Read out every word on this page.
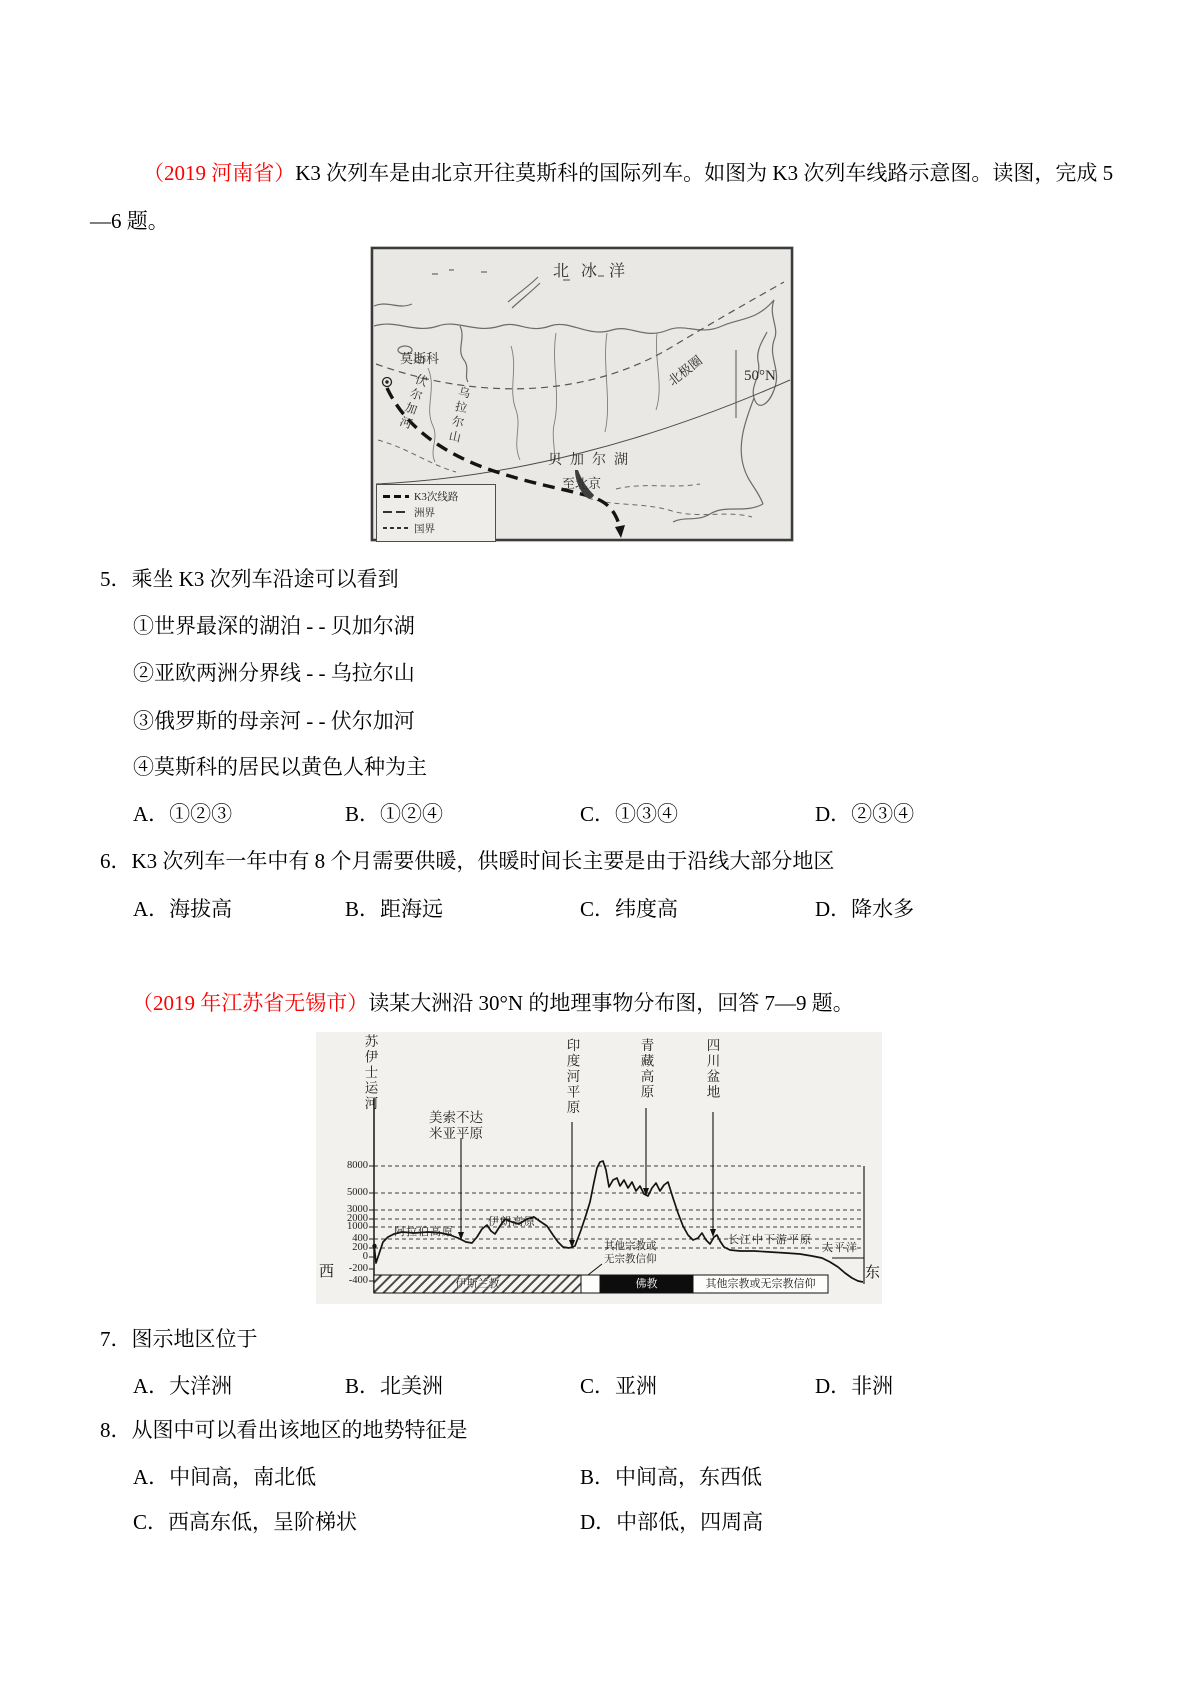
（2019 河南省）K3 次列车是由北京开往莫斯科的国际列车。如图为 K3 次列车线路示意图。读图，完成 5—6 题。

北冰洋
莫斯科
伏尔加河 乌拉尔山
北极圈
贝加尔湖
至北京
50°N
K3次线路
洲界
国界
5．乘坐 K3 次列车沿途可以看到
①世界最深的湖泊 - - 贝加尔湖
②亚欧两洲分界线 - - 乌拉尔山
③俄罗斯的母亲河 - - 伏尔加河
④莫斯科的居民以黄色人种为主
A．①②③	B．①②④	C．①③④	D．②③④
6．K3 次列车一年中有 8 个月需要供暖，供暖时间长主要是由于沿线大部分地区
A．海拔高	B．距海远	C．纬度高	D．降水多
（2019 年江苏省无锡市）读某大洲沿 30°N 的地理事物分布图，回答 7—9 题。
8000
5000
3000
2000
1000
400
200
0
-200
-400
苏伊士运河
美索不达米亚平原
印度河平原	青藏高原	四川盆地
阿拉伯高原
伊朗高原
长江中下游平原
太平洋
其他宗教或无宗教信仰
伊斯兰教	佛教	其他宗教或无宗教信仰
西	东
7．图示地区位于
A．大洋洲	B．北美洲	C．亚洲	D．非洲
8．从图中可以看出该地区的地势特征是
A．中间高，南北低	B．中间高，东西低
C．西高东低，呈阶梯状	D．中部低，四周高
